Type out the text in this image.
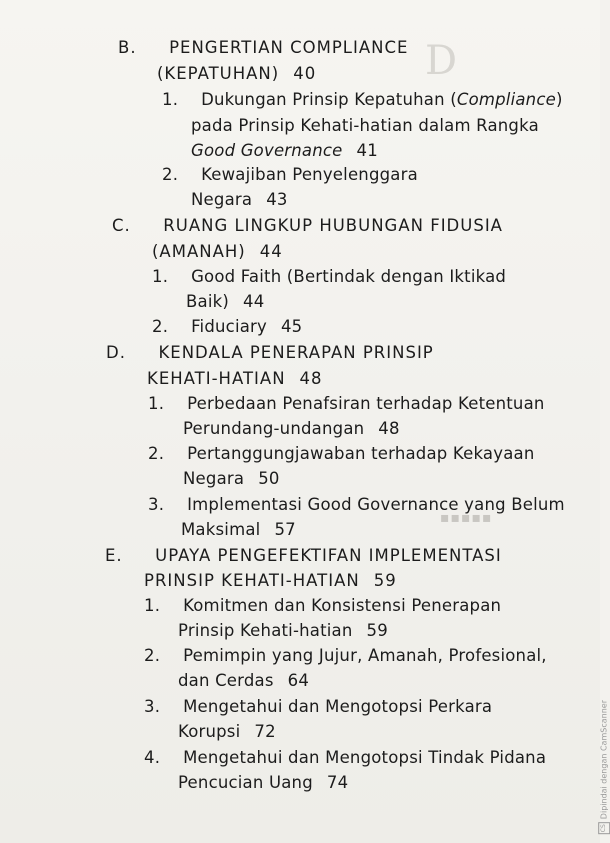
D
▪▪▪▪▪
B. PENGERTIAN COMPLIANCE
(KEPATUHAN) 40
1. Dukungan Prinsip Kepatuhan (Compliance)
pada Prinsip Kehati-hatian dalam Rangka
Good Governance 41
2. Kewajiban Penyelenggara
Negara 43
C. RUANG LINGKUP HUBUNGAN FIDUSIA
(AMANAH) 44
1. Good Faith (Bertindak dengan Iktikad
Baik) 44
2. Fiduciary 45
D. KENDALA PENERAPAN PRINSIP
KEHATI-HATIAN 48
1. Perbedaan Penafsiran terhadap Ketentuan
Perundang-undangan 48
2. Pertanggungjawaban terhadap Kekayaan
Negara 50
3. Implementasi Good Governance yang Belum
Maksimal 57
E. UPAYA PENGEFEKTIFAN IMPLEMENTASI
PRINSIP KEHATI-HATIAN 59
1. Komitmen dan Konsistensi Penerapan
Prinsip Kehati-hatian 59
2. Pemimpin yang Jujur, Amanah, Profesional,
dan Cerdas 64
3. Mengetahui dan Mengotopsi Perkara
Korupsi 72
4. Mengetahui dan Mengotopsi Tindak Pidana
Pencucian Uang 74
CSDipindai dengan CamScanner
